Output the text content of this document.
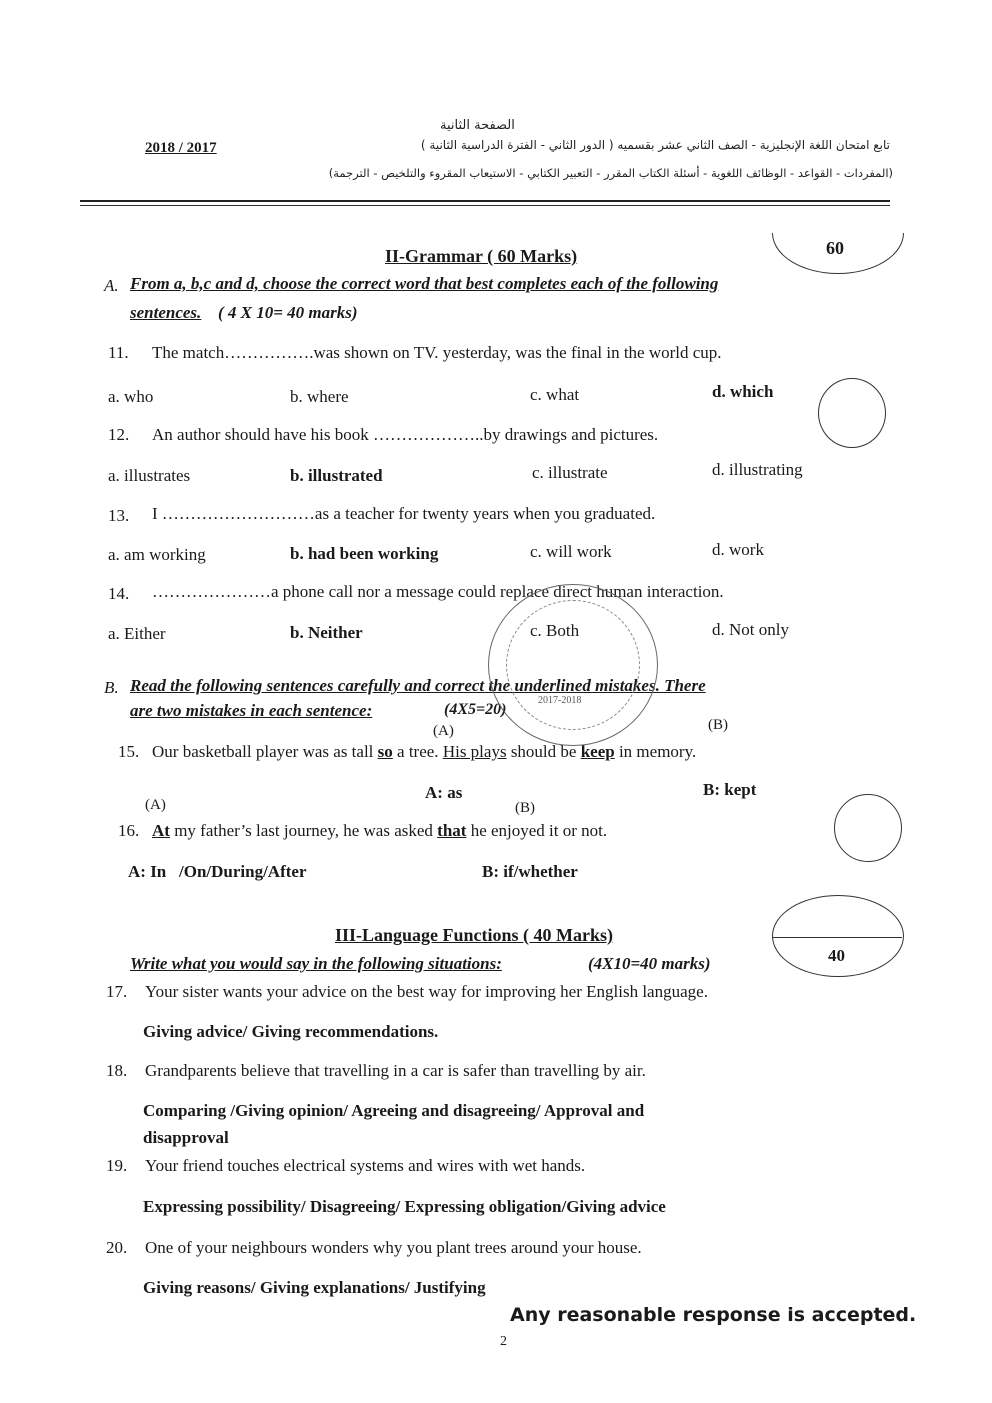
الصفحة الثانية
تابع امتحان اللغة الإنجليزية - الصف الثاني عشر بقسميه ( الدور الثاني - الفترة الدراسية الثانية )
2018 / 2017
(المفردات - القواعد - الوظائف اللغوية - أسئلة الكتاب المقرر - التعبير الكتابي - الاستيعاب المقروء والتلخيص - الترجمة)
60
II-Grammar ( 60 Marks)
A. From a, b,c and d, choose the correct word that best completes each of the following
sentences. ( 4 X 10= 40 marks)
11. The match…………….was shown on TV. yesterday, was the final in the world cup.
a. who	b. where	c. what	d. which
12. An author should have his book ………………..by drawings and pictures.
a. illustrates	b. illustrated	c. illustrate	d. illustrating
13. I ………………………as a teacher for twenty years when you graduated.
a. am working	b. had been working	c. will work	d. work
14. …………………a phone call nor a message could replace direct human interaction.
a. Either	b. Neither	c. Both	d. Not only
B. Read the following sentences carefully and correct the underlined mistakes. There
are two mistakes in each sentence:	(4X5=20)
(A)	(B)
15. Our basketball player was as tall so a tree. His plays should be keep in memory.
A: as	B: kept
(A)	(B)
16. At my father’s last journey, he was asked that he enjoyed it or not.
A: In   /On/During/After	B: if/whether
2017-2018
40
III-Language Functions ( 40 Marks)
Write what you would say in the following situations:	(4X10=40 marks)
17. Your sister wants your advice on the best way for improving her English language.
Giving advice/ Giving recommendations.
18. Grandparents believe that travelling in a car is safer than travelling by air.
Comparing /Giving opinion/ Agreeing and disagreeing/ Approval and
disapproval
19. Your friend touches electrical systems and wires with wet hands.
Expressing possibility/ Disagreeing/ Expressing obligation/Giving advice
20. One of your neighbours wonders why you plant trees around your house.
Giving reasons/ Giving explanations/ Justifying
Any reasonable response is accepted.
2
